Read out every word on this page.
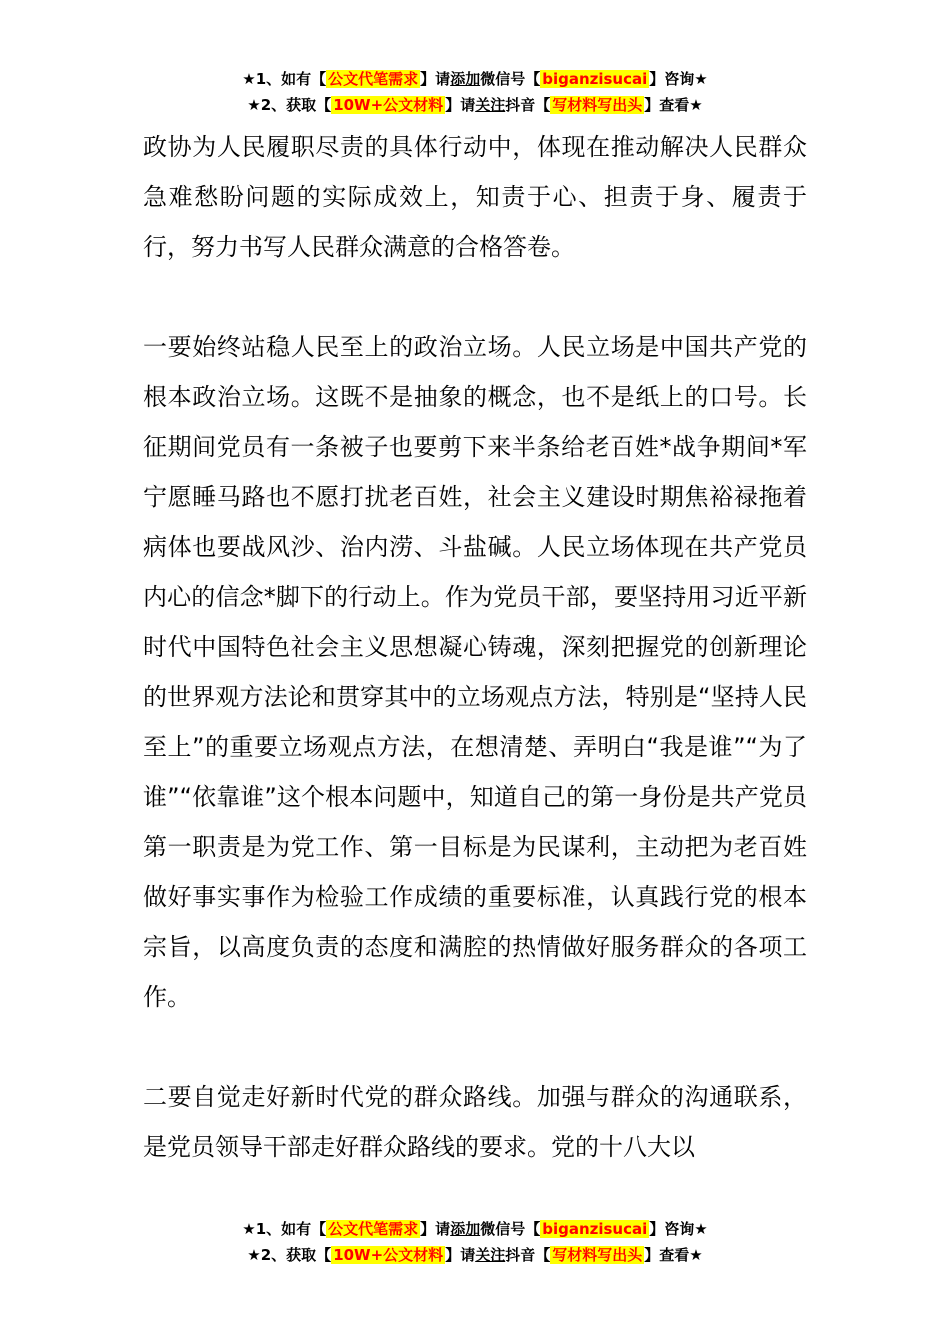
★1、如有【 公文代笔需求 】请添加微信号【 biganzisucai 】咨询★
★2、获取【 10W+公文材料 】请关注抖音【 写材料写出头 】查看★

政协为人民履职尽责的具体行动中，体现在推动解决人民群众急难愁盼问题的实际成效上，知责于心、担责于身、履责于行，努力书写人民群众满意的合格答卷。

一要始终站稳人民至上的政治立场。人民立场是中国共产党的根本政治立场。这既不是抽象的概念，也不是纸上的口号。长征期间党员有一条被子也要剪下来半条给老百姓*战争期间*军宁愿睡马路也不愿打扰老百姓，社会主义建设时期焦裕禄拖着病体也要战风沙、治内涝、斗盐碱。人民立场体现在共产党员内心的信念*脚下的行动上。作为党员干部，要坚持用习近平新时代中国特色社会主义思想凝心铸魂，深刻把握党的创新理论的世界观方法论和贯穿其中的立场观点方法，特别是“坚持人民至上”的重要立场观点方法，在想清楚、弄明白“我是谁”“为了谁”“依靠谁”这个根本问题中，知道自己的第一身份是共产党员第一职责是为党工作、第一目标是为民谋利，主动把为老百姓做好事实事作为检验工作成绩的重要标准，认真践行党的根本宗旨，以高度负责的态度和满腔的热情做好服务群众的各项工作。

二要自觉走好新时代党的群众路线。加强与群众的沟通联系，是党员领导干部走好群众路线的要求。党的十八大以

★1、如有【 公文代笔需求 】请添加微信号【 biganzisucai 】咨询★
★2、获取【 10W+公文材料 】请关注抖音【 写材料写出头 】查看★
